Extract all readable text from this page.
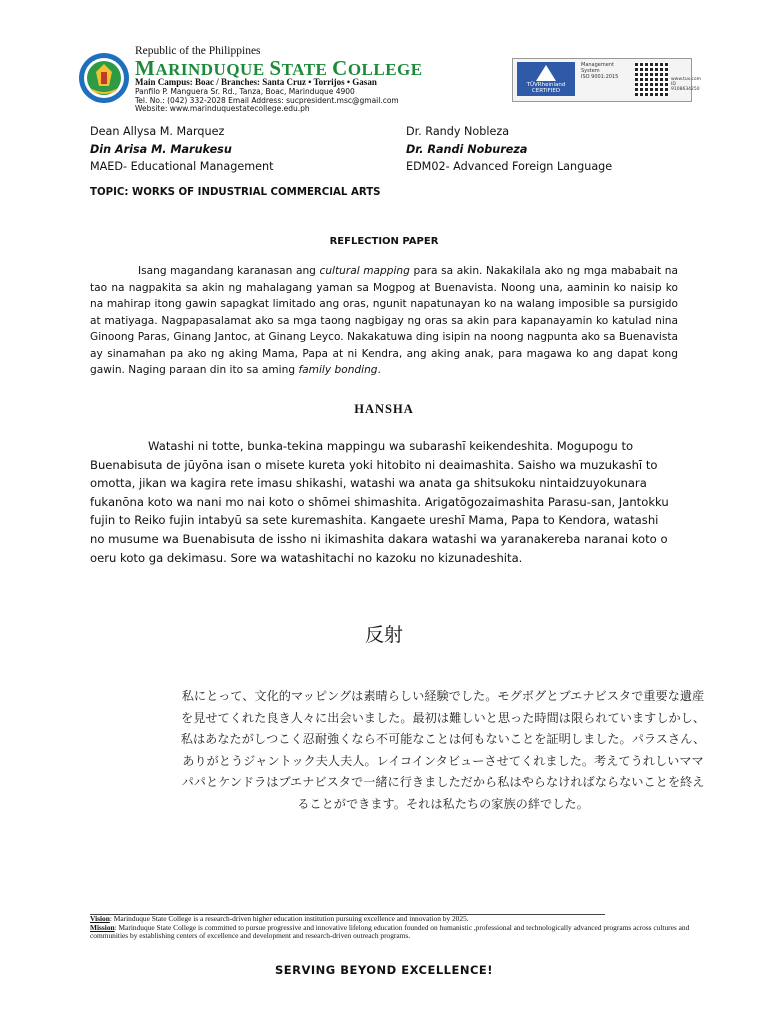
Republic of the Philippines
MARINDUQUE STATE COLLEGE
Main Campus: Boac / Branches: Santa Cruz • Torrijos • Gasan
Panfilo P. Manguera Sr. Rd., Tanza, Boac, Marinduque 4900
Tel. No.: (042) 332-2028 Email Address: sucpresident.msc@gmail.com
Website: www.marinduquestatecollege.edu.ph
TÜVRheinland
CERTIFIED
Management
System
ISO 9001:2015	www.tuv.com
ID 9108634250
Dean Allysa M. Marquez
Din Arisa M. Marukesu
MAED- Educational Management
Dr. Randy Nobleza
Dr. Randi Nobureza
EDM02- Advanced Foreign Language
TOPIC: WORKS OF INDUSTRIAL COMMERCIAL ARTS
REFLECTION PAPER
Isang magandang karanasan ang cultural mapping para sa akin. Nakakilala ako ng mga mababait na tao na nagpakita sa akin ng mahalagang yaman sa Mogpog at Buenavista. Noong una, aaminin ko naisip ko na mahirap itong gawin sapagkat limitado ang oras, ngunit napatunayan ko na walang imposible sa pursigido at matiyaga. Nagpapasalamat ako sa mga taong nagbigay ng oras sa akin para kapanayamin ko katulad nina Ginoong Paras, Ginang Jantoc, at Ginang Leyco. Nakakatuwa ding isipin na noong nagpunta ako sa Buenavista ay sinamahan pa ako ng aking Mama, Papa at ni Kendra, ang aking anak, para magawa ko ang dapat kong gawin. Naging paraan din ito sa aming family bonding.
HANSHA
Watashi ni totte, bunka-tekina mappingu wa subarashī keikendeshita. Mogupogu to Buenabisuta de jūyōna isan o misete kureta yoki hitobito ni deaimashita. Saisho wa muzukashī to omotta, jikan wa kagira rete imasu shikashi, watashi wa anata ga shitsukoku nintaidzuyokunara fukanōna koto wa nani mo nai koto o shōmei shimashita. Arigatōgozaimashita Parasu-san, Jantokku fujin to Reiko fujin intabyū sa sete kuremashita. Kangaete ureshī Mama, Papa to Kendora, watashi no musume wa Buenabisuta de issho ni ikimashita dakara watashi wa yaranakereba naranai koto o oeru koto ga dekimasu. Sore wa watashitachi no kazoku no kizunadeshita.
反射
私にとって、文化的マッピングは素晴らしい経験でした。モグボグとブエナビスタで重要な遺産を見せてくれた良き人々に出会いました。最初は難しいと思った時間は限られていますしかし、私はあなたがしつこく忍耐強くなら不可能なことは何もないことを証明しました。パラスさん、ありがとうジャントック夫人夫人。レイコインタビューさせてくれました。考えてうれしいママパパとケンドラはブエナビスタで一緒に行きましただから私はやらなければならないことを終えることができます。それは私たちの家族の絆でした。
Vision: Marinduque State College is a research-driven higher education institution pursuing excellence and innovation by 2025.
Mission: Marinduque State College is committed to pursue progressive and innovative lifelong education founded on humanistic ,professional and technologically advanced programs across cultures and communities by establishing centers of excellence and development and research-driven outreach programs.
SERVING BEYOND EXCELLENCE!
